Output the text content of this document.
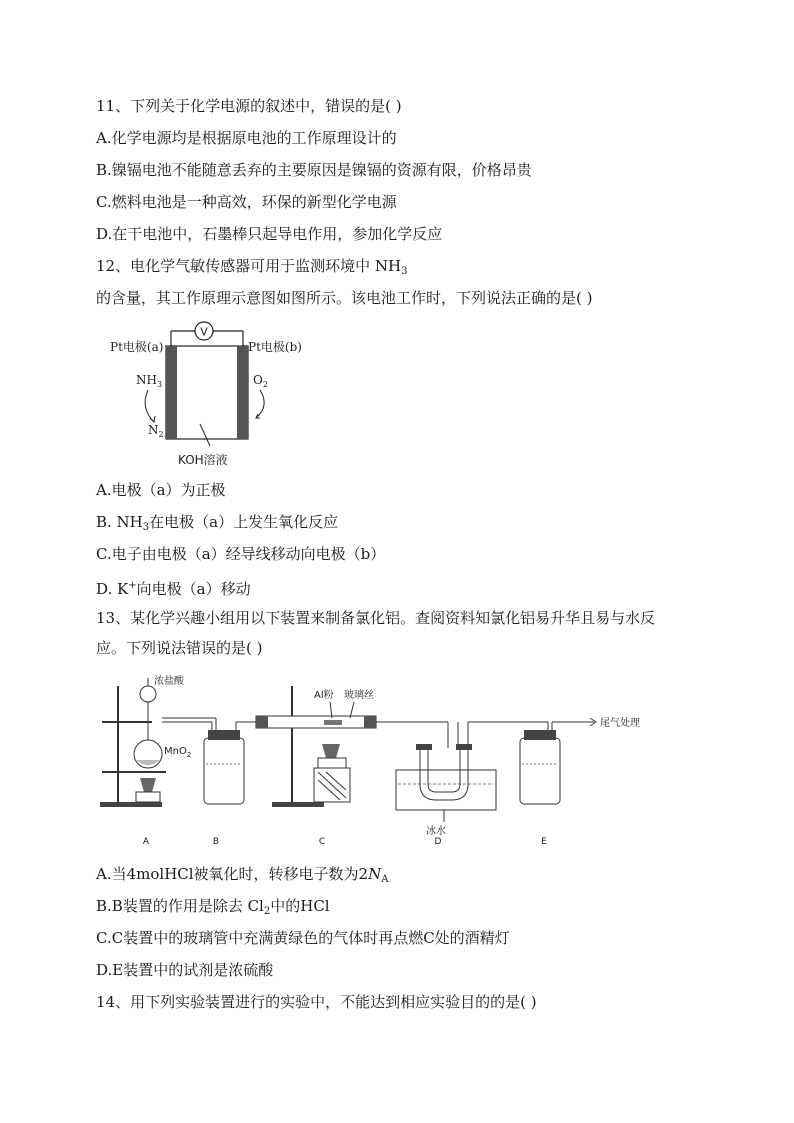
11、下列关于化学电源的叙述中，错误的是( )
A.化学电源均是根据原电池的工作原理设计的
B.镍镉电池不能随意丢弃的主要原因是镍镉的资源有限，价格昂贵
C.燃料电池是一种高效，环保的新型化学电源
D.在干电池中，石墨棒只起导电作用，参加化学反应
12、电化学气敏传感器可用于监测环境中 $NH_3$
的含量，其工作原理示意图如图所示。该电池工作时，下列说法正确的是( )
V
Pt电极(a)	Pt电极(b)
$NH_3$
$N_2$
$O_2$
KOH溶液
A.电极（a）为正极
B. $NH_3$在电极（a）上发生氧化反应
C.电子由电极（a）经导线移动向电极（b）
D. K+向电极（a）移动
13、某化学兴趣小组用以下装置来制备氯化铝。查阅资料知氯化铝易升华且易与水反
应。下列说法错误的是( )
浓盐酸
MnO$_2$
Al粉 玻璃丝
冰水
尾气处理
A	B	C	D	E
A.当4molHCl被氧化时，转移电子数为$2N_A$
B.B装置的作用是除去 $Cl_2$中的HCl
C.C装置中的玻璃管中充满黄绿色的气体时再点燃C处的酒精灯
D.E装置中的试剂是浓硫酸
14、用下列实验装置进行的实验中，不能达到相应实验目的的是( )
